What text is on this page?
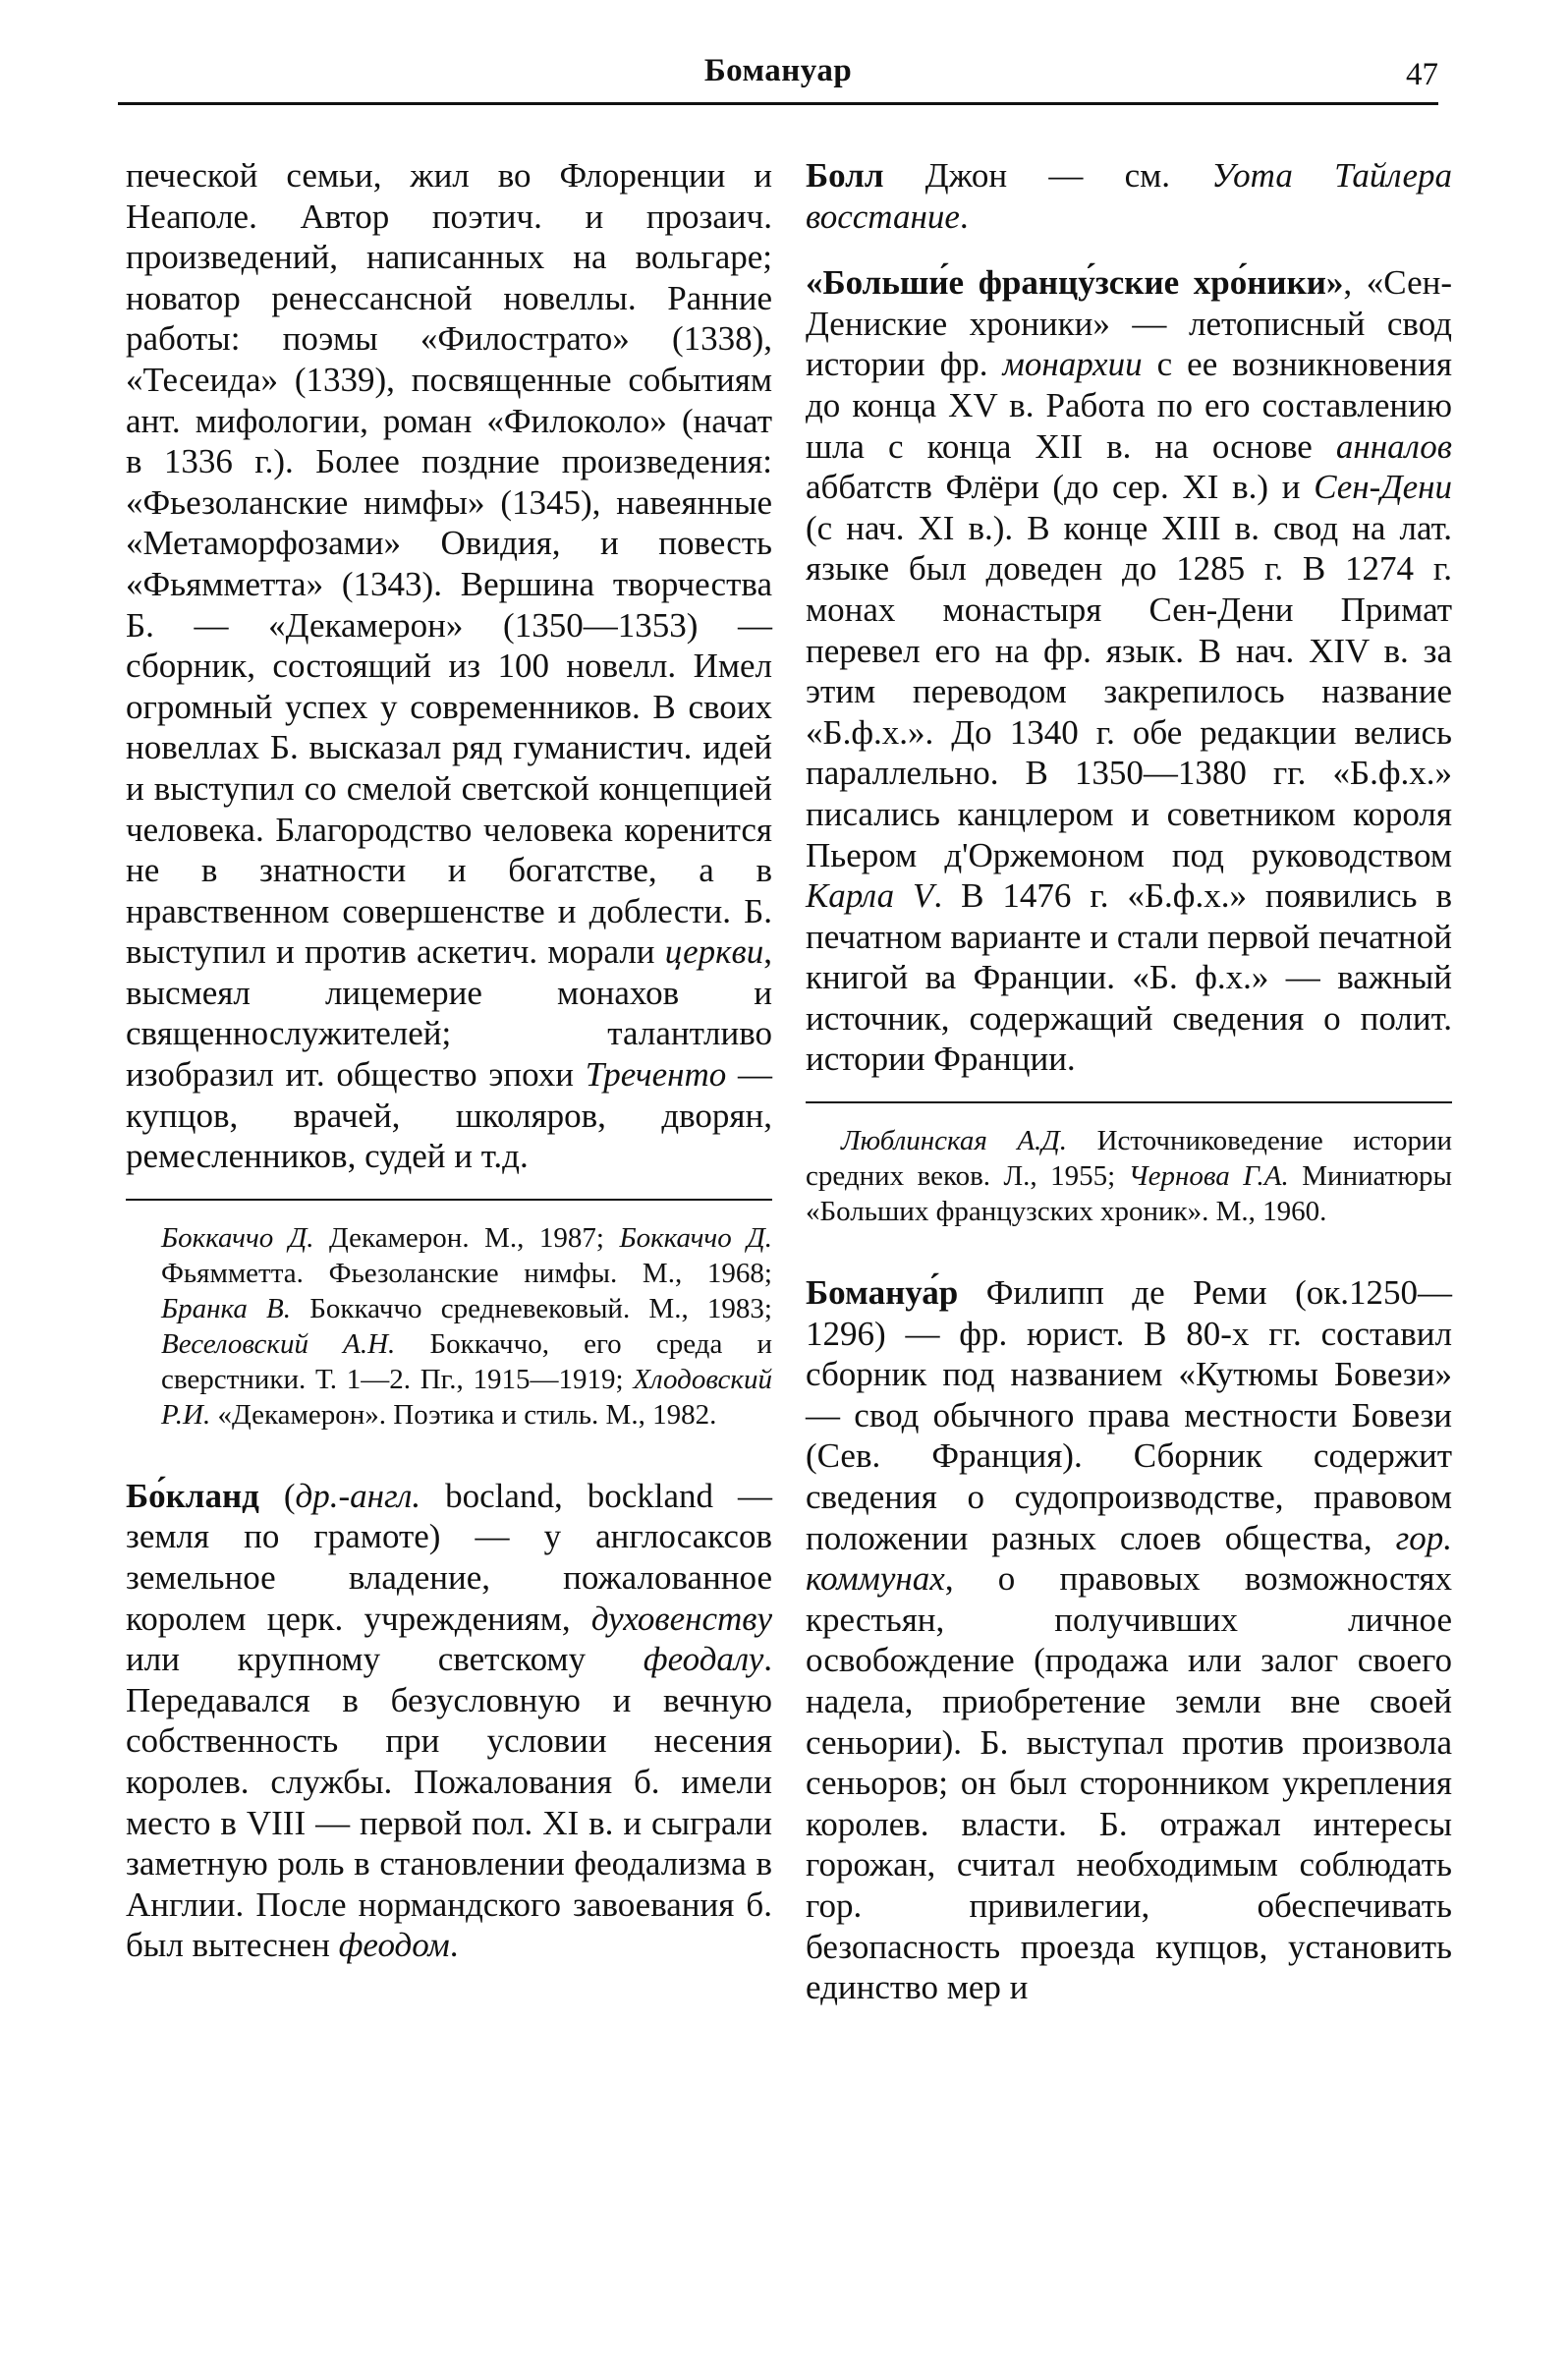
Бомануар	47

печеской семьи, жил во Флоренции и Неаполе. Автор поэтич. и прозаич. произведений, написанных на вольгаре; новатор ренессансной новеллы. Ранние работы: поэмы «Филострато» (1338), «Тесеида» (1339), посвященные событиям ант. мифологии, роман «Филоколо» (начат в 1336 г.). Более поздние произведения: «Фьезоланские нимфы» (1345), навеянные «Метаморфозами» Овидия, и повесть «Фьямметта» (1343). Вершина творчества Б. — «Декамерон» (1350—1353) — сборник, состоящий из 100 новелл. Имел огромный успех у современников. В своих новеллах Б. высказал ряд гуманистич. идей и выступил со смелой светской концепцией человека. Благородство человека коренится не в знатности и богатстве, а в нравственном совершенстве и доблести. Б. выступил и против аскетич. морали церкви, высмеял лицемерие монахов и священнослужителей; талантливо изобразил ит. общество эпохи Треченто — купцов, врачей, школяров, дворян, ремесленников, судей и т.д.

Боккаччо Д. Декамерон. М., 1987; Боккаччо Д. Фьямметта. Фьезоланские нимфы. М., 1968; Бранка В. Боккаччо средневековый. М., 1983; Веселовский А.Н. Боккаччо, его среда и сверстники. Т. 1—2. Пг., 1915—1919; Хлодовский Р.И. «Декамерон». Поэтика и стиль. М., 1982.

Бо́кланд (др.-англ. bocland, bockland — земля по грамоте) — у англосаксов земельное владение, пожалованное королем церк. учреждениям, духовенству или крупному светскому феодалу. Передавался в безусловную и вечную собственность при условии несения королев. службы. Пожалования б. имели место в VIII — первой пол. XI в. и сыграли заметную роль в становлении феодализма в Англии. После нормандского завоевания б. был вытеснен феодом.

Болл Джон — см. Уота Тайлера восстание.

«Больши́е францу́зские хро́ники», «Сен-Дениские хроники» — летописный свод истории фр. монархии с ее возникновения до конца XV в. Работа по его составлению шла с конца XII в. на основе анналов аббатств Флёри (до сер. XI в.) и Сен-Дени (с нач. XI в.). В конце XIII в. свод на лат. языке был доведен до 1285 г. В 1274 г. монах монастыря Сен-Дени Примат перевел его на фр. язык. В нач. XIV в. за этим переводом закрепилось название «Б.ф.х.». До 1340 г. обе редакции велись параллельно. В 1350—1380 гг. «Б.ф.х.» писались канцлером и советником короля Пьером д'Оржемоном под руководством Карла V. В 1476 г. «Б.ф.х.» появились в печатном варианте и стали первой печатной книгой ва Франции. «Б. ф.х.» — важный источник, содержащий сведения о полит. истории Франции.

Люблинская А.Д. Источниковедение истории средних веков. Л., 1955; Чернова Г.А. Миниатюры «Больших французских хроник». М., 1960.

Бомануа́р Филипп де Реми (ок.1250—1296) — фр. юрист. В 80-х гг. составил сборник под названием «Кутюмы Бовези» — свод обычного права местности Бовези (Сев. Франция). Сборник содержит сведения о судопроизводстве, правовом положении разных слоев общества, гор. коммунах, о правовых возможностях крестьян, получивших личное освобождение (продажа или залог своего надела, приобретение земли вне своей сеньории). Б. выступал против произвола сеньоров; он был сторонником укрепления королев. власти. Б. отражал интересы горожан, считал необходимым соблюдать гор. привилегии, обеспечивать безопасность проезда купцов, установить единство мер и
